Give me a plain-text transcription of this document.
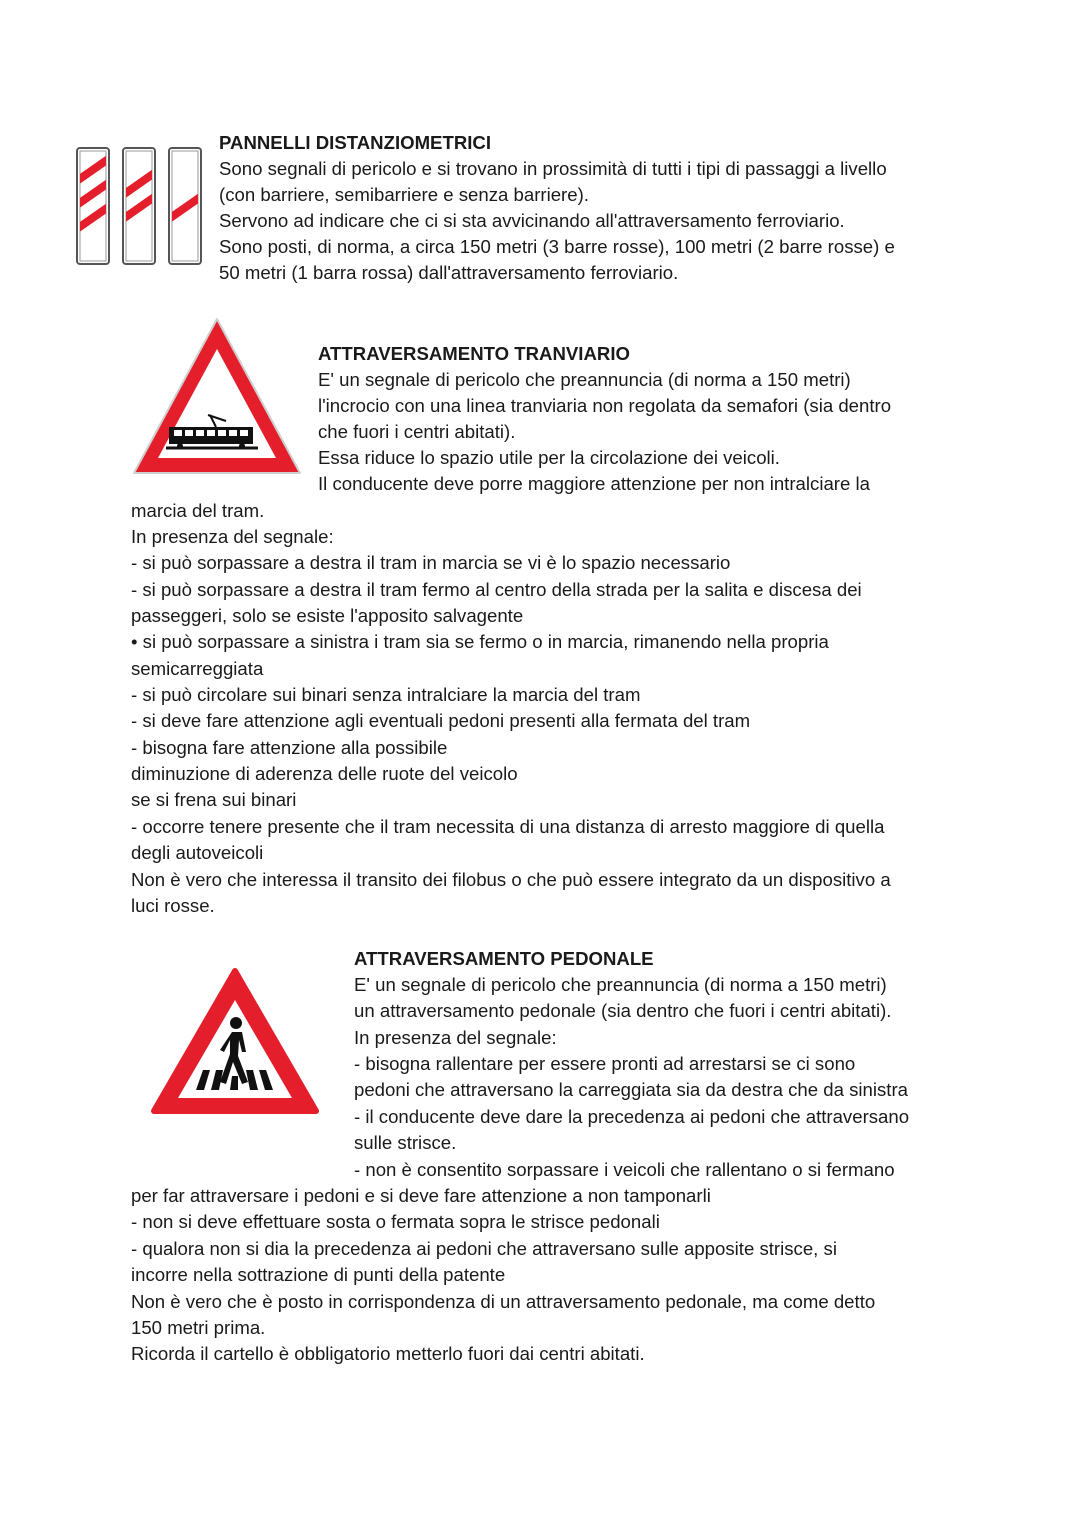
PANNELLI DISTANZIOMETRICI
Sono segnali di pericolo e si trovano in prossimità di tutti i tipi di passaggi a livello
(con barriere, semibarriere e senza barriere).
Servono ad indicare che ci si sta avvicinando all'attraversamento ferroviario.
Sono posti, di norma, a circa 150 metri (3 barre rosse), 100 metri (2 barre rosse) e
50 metri (1 barra rossa) dall'attraversamento ferroviario.
ATTRAVERSAMENTO TRANVIARIO
E' un segnale di pericolo che preannuncia (di norma a 150 metri)
l'incrocio con una linea tranviaria non regolata da semafori (sia dentro
che fuori i centri abitati).
Essa riduce lo spazio utile per la circolazione dei veicoli.
Il conducente deve porre maggiore attenzione per non intralciare la
marcia del tram.
In presenza del segnale:
- si può sorpassare a destra il tram in marcia se vi è lo spazio necessario
- si può sorpassare a destra il tram fermo al centro della strada per la salita e discesa dei
passeggeri, solo se esiste l'apposito salvagente
• si può sorpassare a sinistra i tram sia se fermo o in marcia, rimanendo nella propria
semicarreggiata
- si può circolare sui binari senza intralciare la marcia del tram
- si deve fare attenzione agli eventuali pedoni presenti alla fermata del tram
- bisogna fare attenzione alla possibile
diminuzione di aderenza delle ruote del veicolo
se si frena sui binari
- occorre tenere presente che il tram necessita di una distanza di arresto maggiore di quella
degli autoveicoli
Non è vero che interessa il transito dei filobus o che può essere integrato da un dispositivo a
luci rosse.
ATTRAVERSAMENTO PEDONALE
E' un segnale di pericolo che preannuncia (di norma a 150 metri)
un attraversamento pedonale (sia dentro che fuori i centri abitati).
In presenza del segnale:
- bisogna rallentare per essere pronti ad arrestarsi se ci sono
pedoni che attraversano la carreggiata sia da destra che da sinistra
- il conducente deve dare la precedenza ai pedoni che attraversano
sulle strisce.
- non è consentito sorpassare i veicoli che rallentano o si fermano
per far attraversare i pedoni e si deve fare attenzione a non tamponarli
- non si deve effettuare sosta o fermata sopra le strisce pedonali
- qualora non si dia la precedenza ai pedoni che attraversano sulle apposite strisce, si
incorre nella sottrazione di punti della patente
Non è vero che è posto in corrispondenza di un attraversamento pedonale, ma come detto
150 metri prima.
Ricorda il cartello è obbligatorio metterlo fuori dai centri abitati.
